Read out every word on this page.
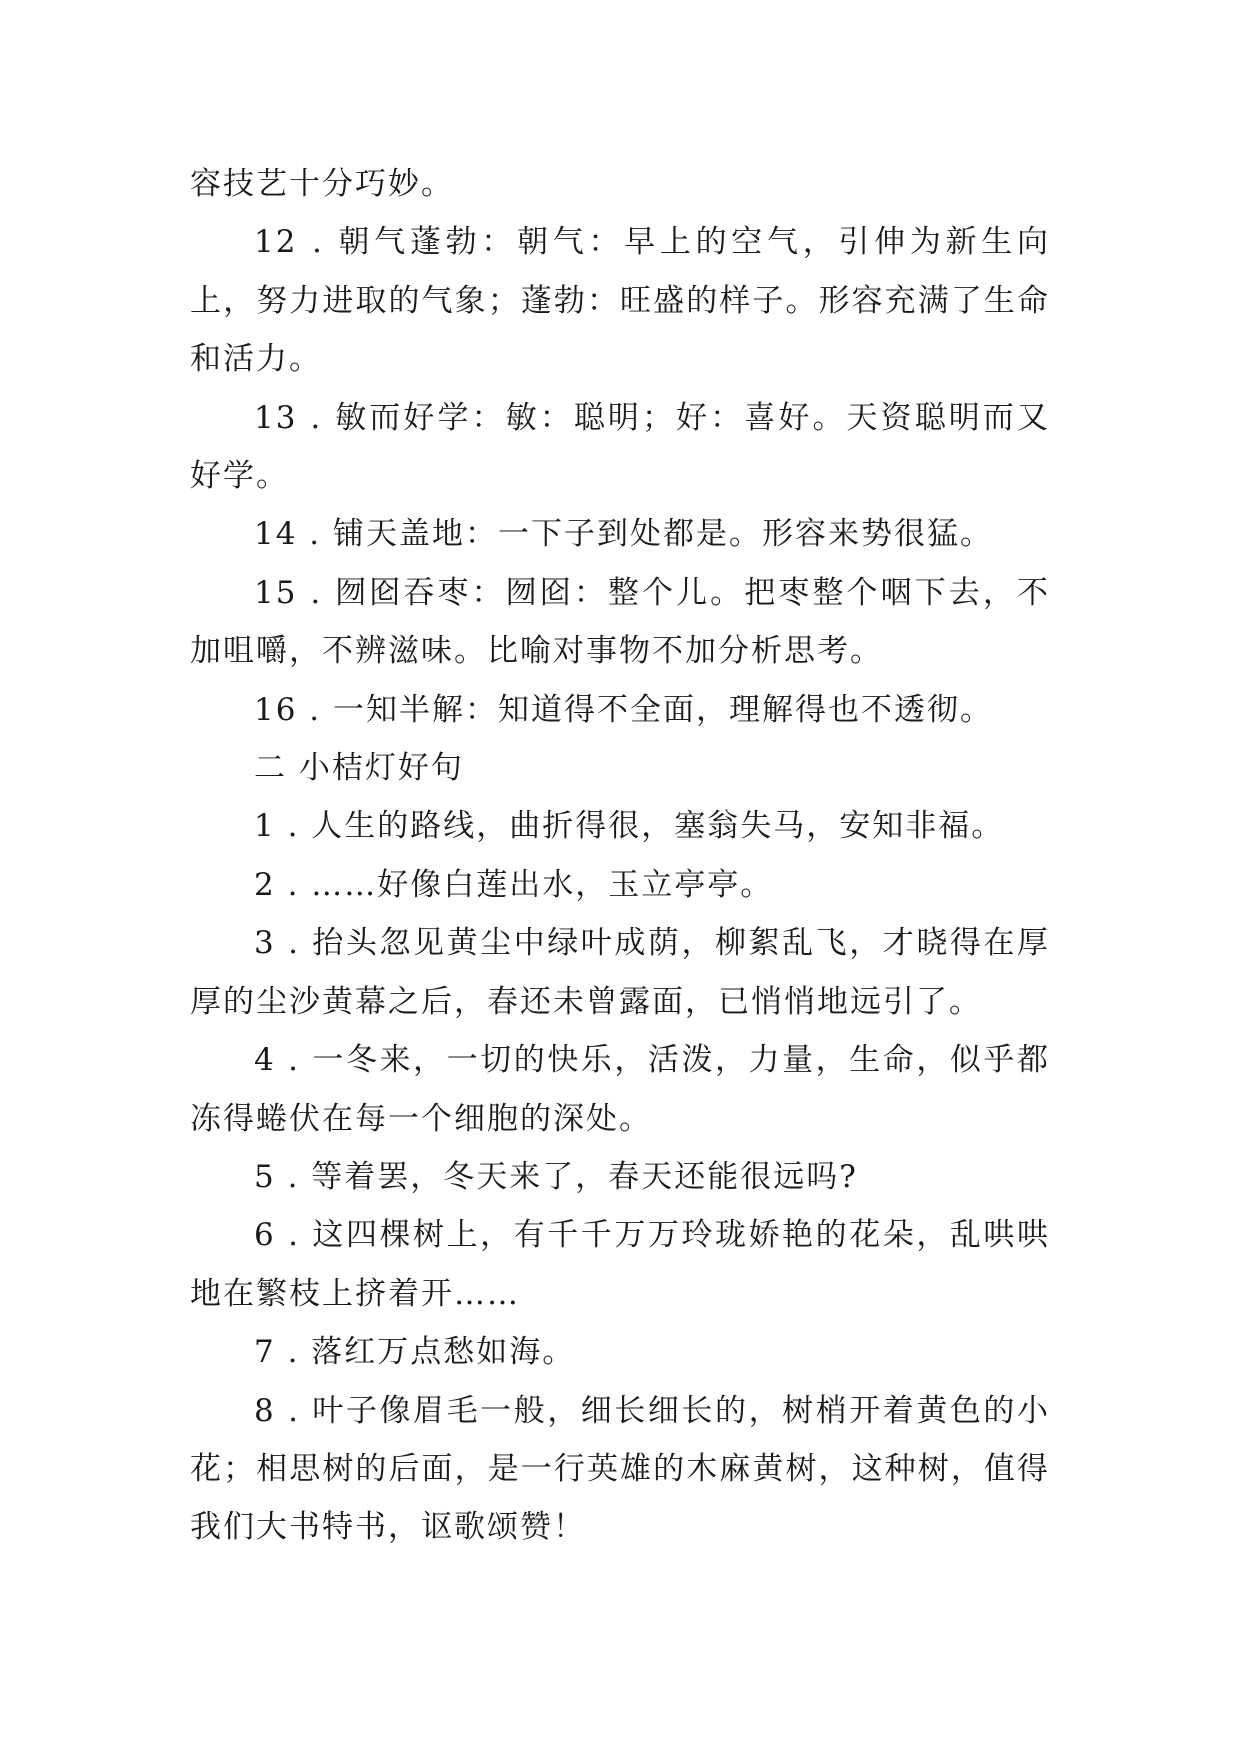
容技艺十分巧妙。

12 . 朝气蓬勃：朝气：早上的空气，引伸为新生向上，努力进取的气象；蓬勃：旺盛的样子。形容充满了生命和活力。

13 . 敏而好学：敏：聪明；好：喜好。天资聪明而又好学。

14 . 铺天盖地：一下子到处都是。形容来势很猛。

15 . 囫囵吞枣：囫囵：整个儿。把枣整个咽下去，不加咀嚼，不辨滋味。比喻对事物不加分析思考。

16 . 一知半解：知道得不全面，理解得也不透彻。

二 小桔灯好句

1 . 人生的路线，曲折得很，塞翁失马，安知非福。

2 . ……好像白莲出水，玉立亭亭。

3 . 抬头忽见黄尘中绿叶成荫，柳絮乱飞，才晓得在厚厚的尘沙黄幕之后，春还未曾露面，已悄悄地远引了。

4 . 一冬来，一切的快乐，活泼，力量，生命，似乎都冻得蜷伏在每一个细胞的深处。

5 . 等着罢，冬天来了，春天还能很远吗?

6 . 这四棵树上，有千千万万玲珑娇艳的花朵，乱哄哄地在繁枝上挤着开……

7 . 落红万点愁如海。

8 . 叶子像眉毛一般，细长细长的，树梢开着黄色的小花；相思树的后面，是一行英雄的木麻黄树，这种树，值得我们大书特书，讴歌颂赞！
